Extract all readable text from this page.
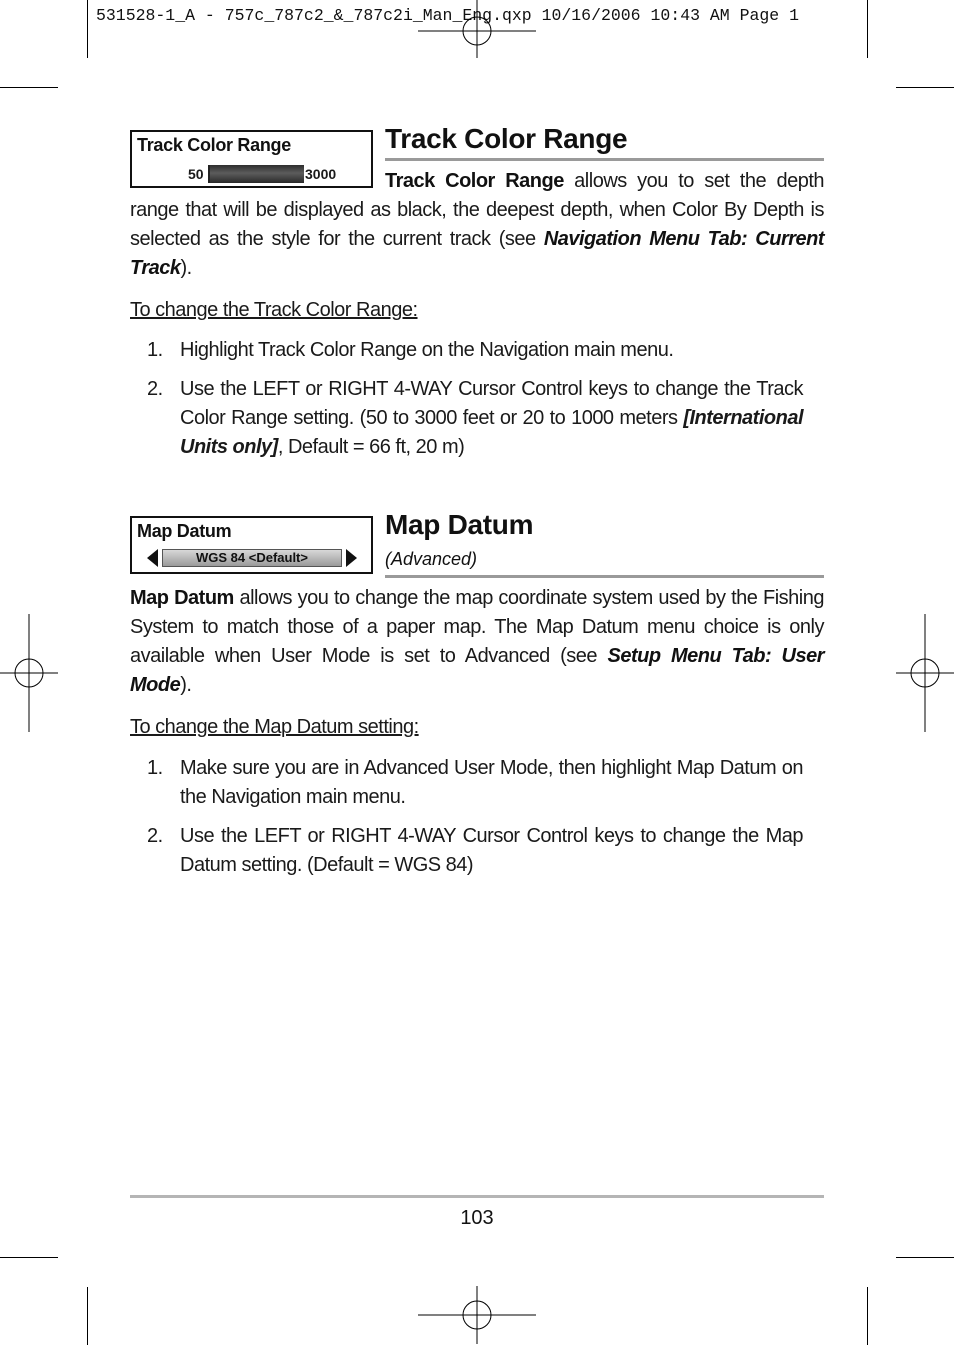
531528-1_A - 757c_787c2_&_787c2i_Man_Eng.qxp 10/16/2006 10:43 AM Page 1
Track Color Range
50	3000
Track Color Range
Track Color Range allows you to set the depth range that will be displayed as black, the deepest depth, when Color By Depth is selected as the style for the current track (see Navigation Menu Tab: Current Track).
To change the Track Color Range:
1. Highlight Track Color Range on the Navigation main menu.
2. Use the LEFT or RIGHT 4-WAY Cursor Control keys to change the Track Color Range setting. (50 to 3000 feet or 20 to 1000 meters [International Units only], Default = 66 ft, 20 m)
Map Datum
WGS 84 <Default>
Map Datum
(Advanced)
Map Datum allows you to change the map coordinate system used by the Fishing System to match those of a paper map. The Map Datum menu choice is only available when User Mode is set to Advanced (see Setup Menu Tab: User Mode).
To change the Map Datum setting:
1. Make sure you are in Advanced User Mode, then highlight Map Datum on the Navigation main menu.
2. Use the LEFT or RIGHT 4-WAY Cursor Control keys to change the Map Datum setting. (Default = WGS 84)
103
